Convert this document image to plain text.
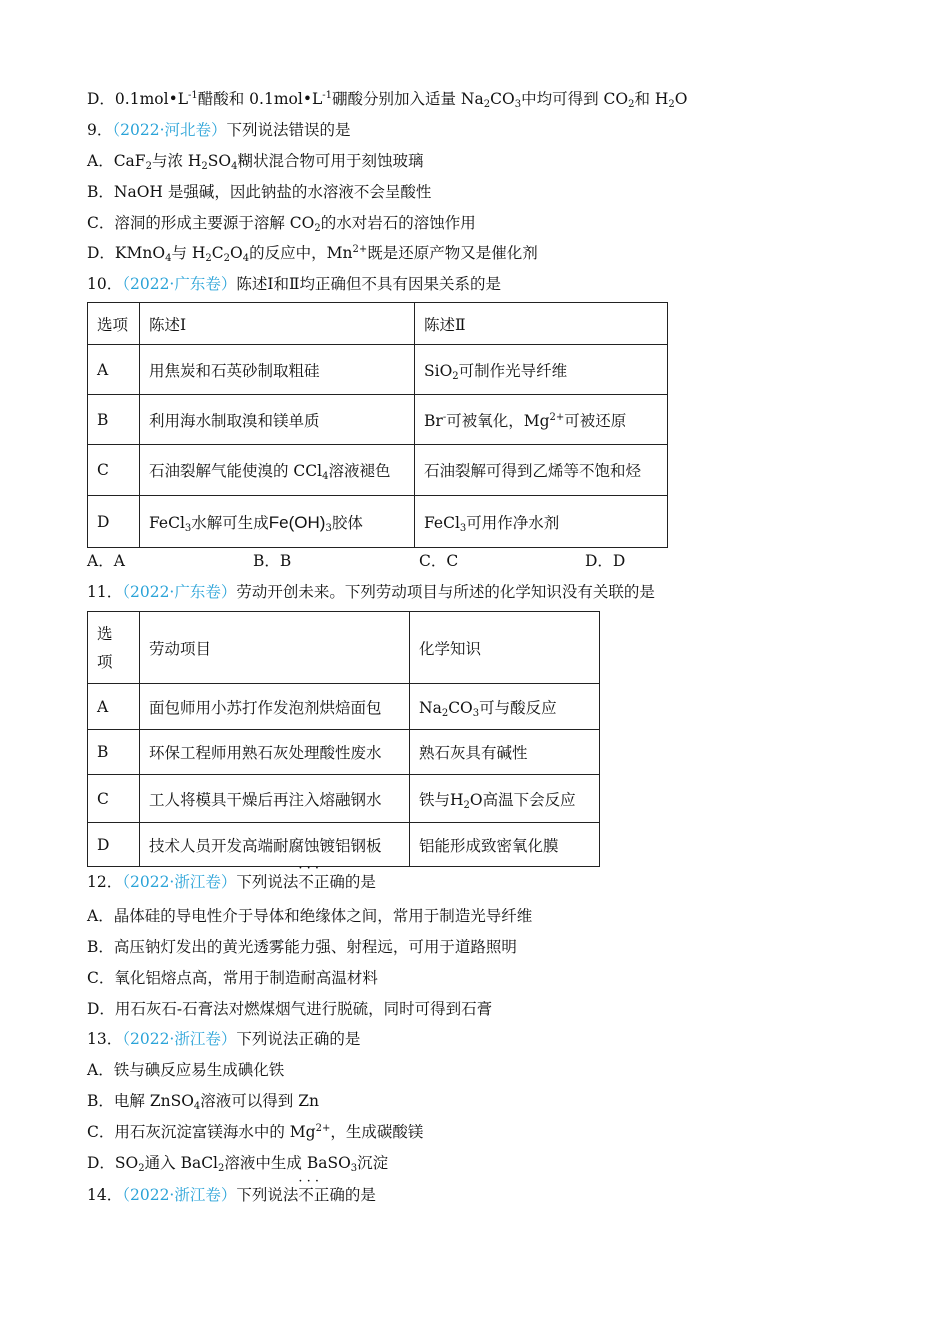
D．$0.1mol•L^{-1}$醋酸和 $0.1mol•L^{-1}$硼酸分别加入适量 $Na_2CO_3$中均可得到 $CO_2$和 $H_2O$
9．（2022·河北卷）下列说法错误的是
A．CaF$_2$与浓 $H_2SO_4$糊状混合物可用于刻蚀玻璃
B．NaOH 是强碱，因此钠盐的水溶液不会呈酸性
C．溶洞的形成主要源于溶解 $CO_2$的水对岩石的溶蚀作用
D．KMnO$_4$与 $H_2C_2O_4$的反应中，$Mn^{2+}$既是还原产物又是催化剂
10．（2022·广东卷）陈述Ⅰ和Ⅱ均正确但不具有因果关系的是
选项	陈述Ⅰ	陈述Ⅱ
A	用焦炭和石英砂制取粗硅	SiO$_2$可制作光导纤维
B	利用海水制取溴和镁单质	Br-可被氧化，$Mg^{2+}$可被还原
C	石油裂解气能使溴的 CCl$_4$溶液褪色	石油裂解可得到乙烯等不饱和烃
D	FeCl$_3$水解可生成$Fe(OH)_3$胶体	FeCl$_3$可用作净水剂
A．A	B．B	C．C	D．D
11．（2022·广东卷）劳动开创未来。下列劳动项目与所述的化学知识没有关联的是
选
项	劳动项目	化学知识
A	面包师用小苏打作发泡剂烘焙面包	$Na_2CO_3$可与酸反应
B	环保工程师用熟石灰处理酸性废水	熟石灰具有碱性
C	工人将模具干燥后再注入熔融钢水	铁与$H_2O$高温下会反应
D	技术人员开发高端耐腐蚀镀铝钢板	铝能形成致密氧化膜
12．（2022·浙江卷）下列说法· · · 不正确的是
A．晶体硅的导电性介于导体和绝缘体之间，常用于制造光导纤维
B．高压钠灯发出的黄光透雾能力强、射程远，可用于道路照明
C．氧化铝熔点高，常用于制造耐高温材料
D．用石灰石-石膏法对燃煤烟气进行脱硫，同时可得到石膏
13．（2022·浙江卷）下列说法正确的是
A．铁与碘反应易生成碘化铁
B．电解 ZnSO$_4$溶液可以得到 Zn
C．用石灰沉淀富镁海水中的 $Mg^{2+}$，生成碳酸镁
D．$SO_2$通入 BaCl$_2$溶液中生成 BaSO$_3$沉淀
14．（2022·浙江卷）下列说法· · · 不正确的是
